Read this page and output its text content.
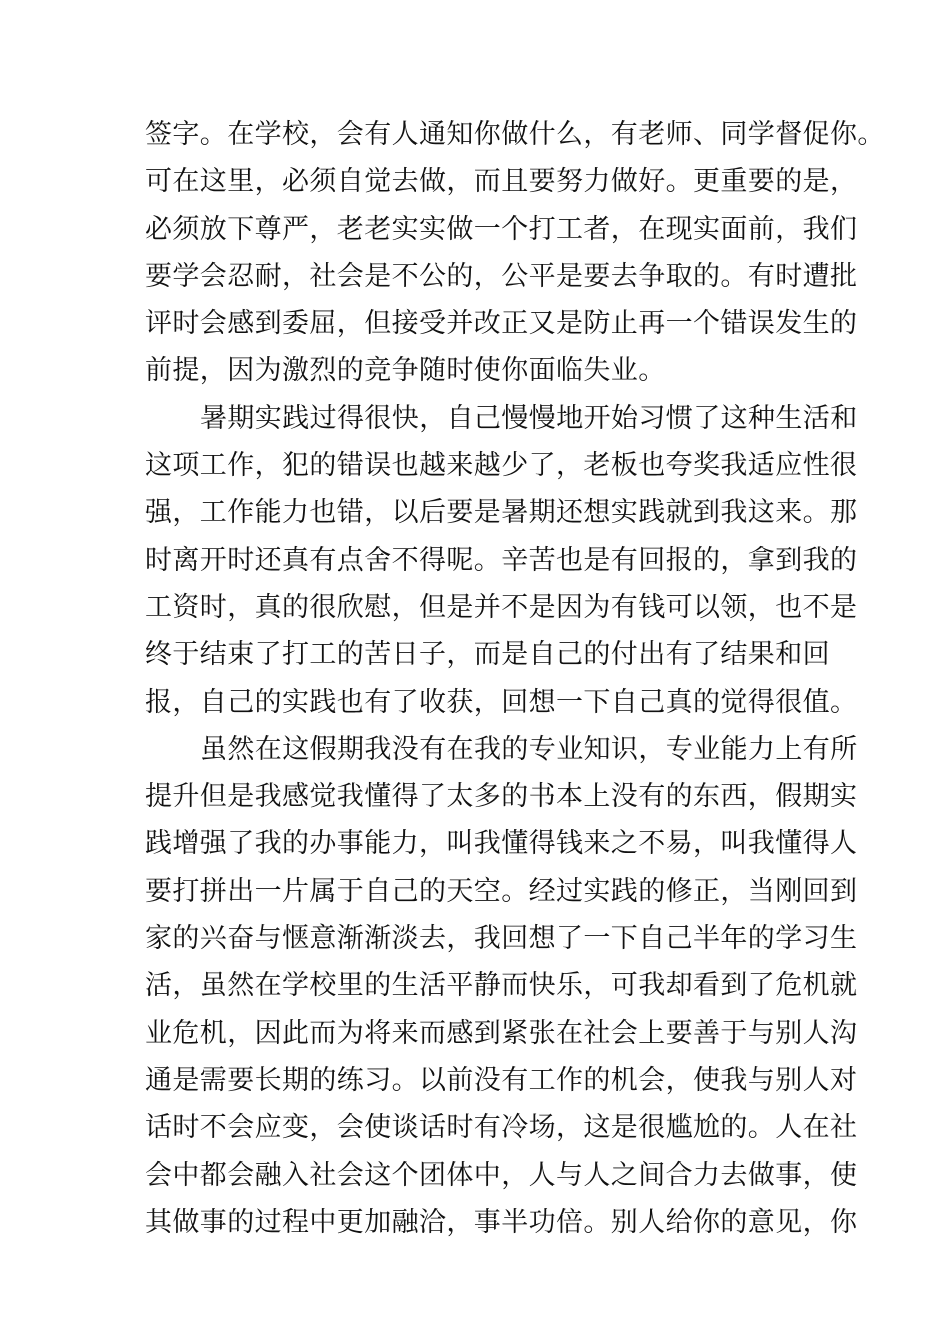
签字。在学校，会有人通知你做什么，有老师、同学督促你。
可在这里，必须自觉去做，而且要努力做好。更重要的是，
必须放下尊严，老老实实做一个打工者，在现实面前，我们
要学会忍耐，社会是不公的，公平是要去争取的。有时遭批
评时会感到委屈，但接受并改正又是防止再一个错误发生的
前提，因为激烈的竞争随时使你面临失业。
暑期实践过得很快，自己慢慢地开始习惯了这种生活和
这项工作，犯的错误也越来越少了，老板也夸奖我适应性很
强，工作能力也错，以后要是暑期还想实践就到我这来。那
时离开时还真有点舍不得呢。辛苦也是有回报的，拿到我的
工资时，真的很欣慰，但是并不是因为有钱可以领，也不是
终于结束了打工的苦日子，而是自己的付出有了结果和回
报，自己的实践也有了收获，回想一下自己真的觉得很值。
虽然在这假期我没有在我的专业知识，专业能力上有所
提升但是我感觉我懂得了太多的书本上没有的东西，假期实
践增强了我的办事能力，叫我懂得钱来之不易，叫我懂得人
要打拼出一片属于自己的天空。经过实践的修正，当刚回到
家的兴奋与惬意渐渐淡去，我回想了一下自己半年的学习生
活，虽然在学校里的生活平静而快乐，可我却看到了危机就
业危机，因此而为将来而感到紧张在社会上要善于与别人沟
通是需要长期的练习。以前没有工作的机会，使我与别人对
话时不会应变，会使谈话时有冷场，这是很尴尬的。人在社
会中都会融入社会这个团体中，人与人之间合力去做事，使
其做事的过程中更加融洽，事半功倍。别人给你的意见，你
